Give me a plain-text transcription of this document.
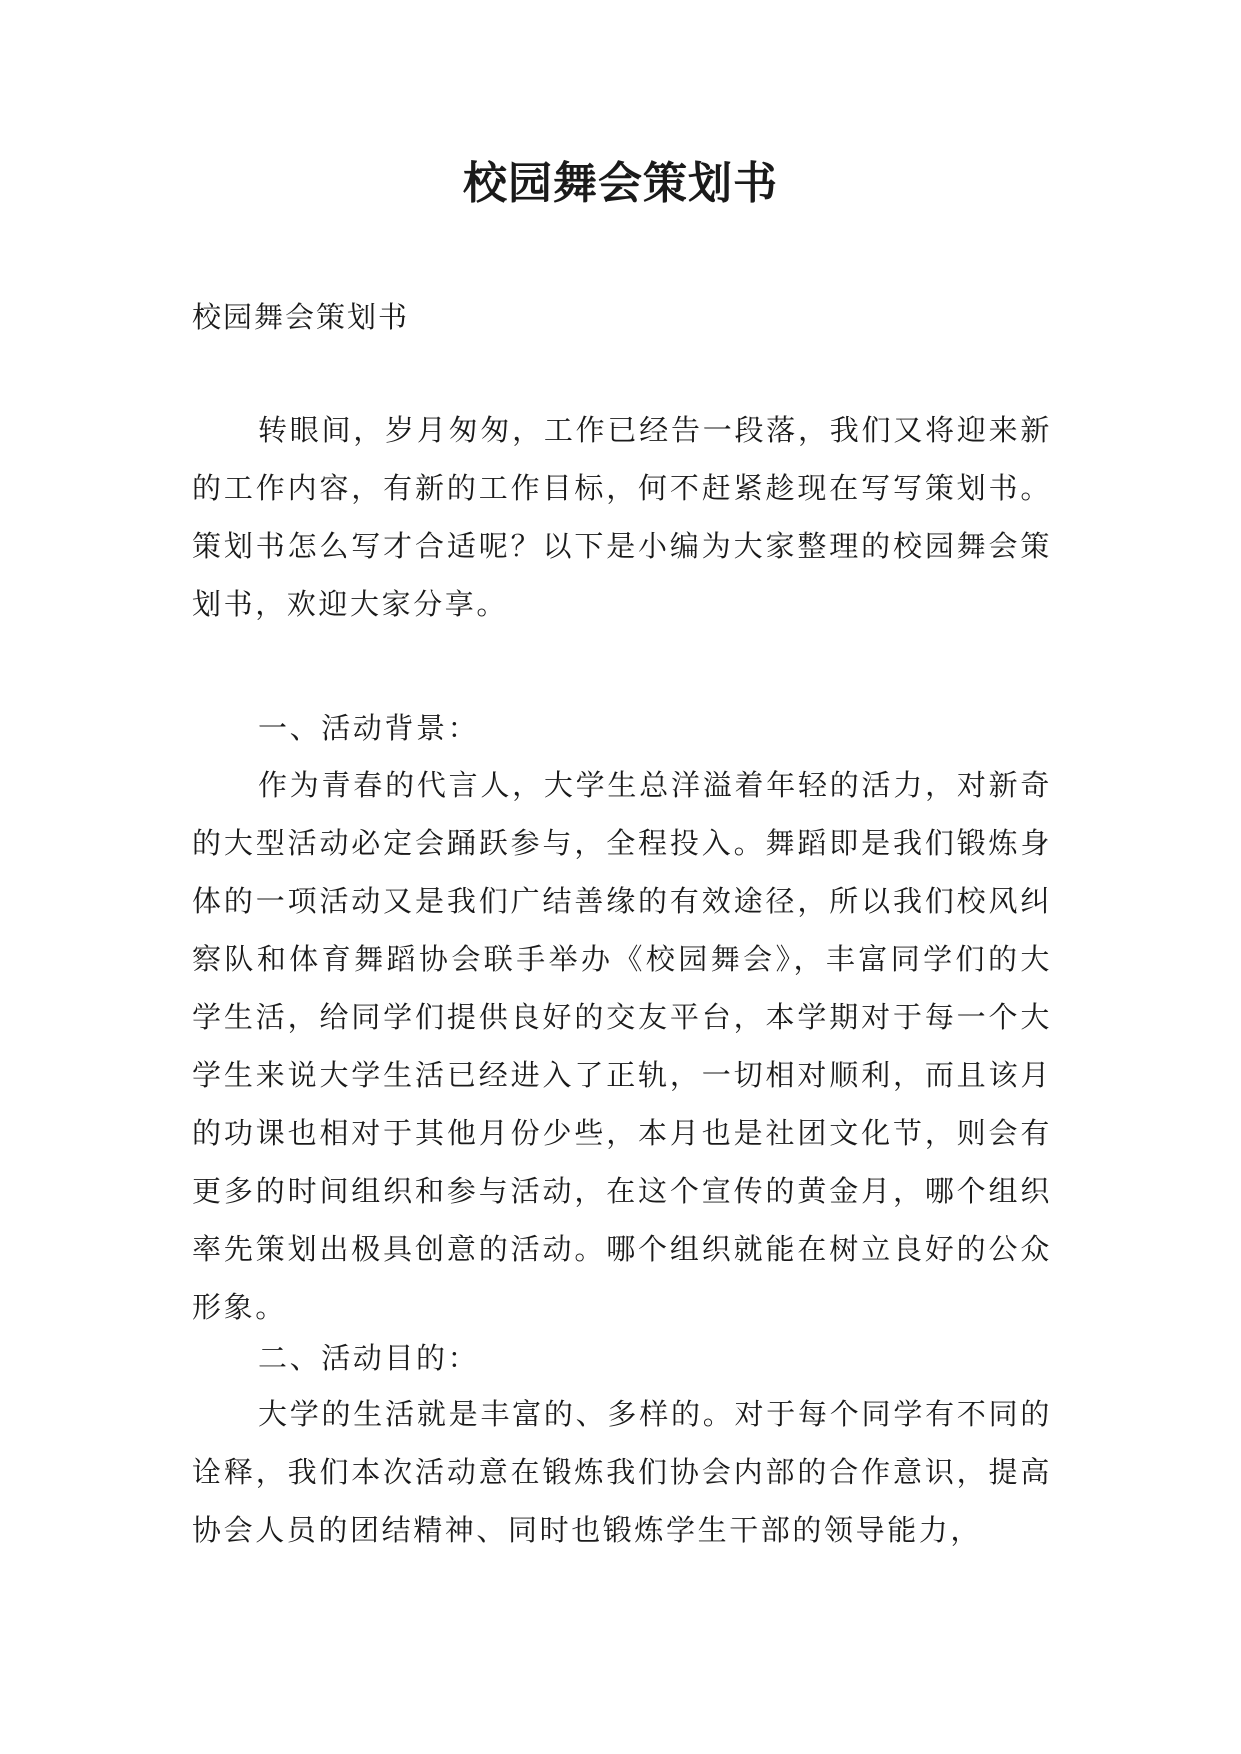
校园舞会策划书

校园舞会策划书

转眼间，岁月匆匆，工作已经告一段落，我们又将迎来新的工作内容，有新的工作目标，何不赶紧趁现在写写策划书。策划书怎么写才合适呢？以下是小编为大家整理的校园舞会策划书，欢迎大家分享。

一、活动背景：

作为青春的代言人，大学生总洋溢着年轻的活力，对新奇的大型活动必定会踊跃参与，全程投入。舞蹈即是我们锻炼身体的一项活动又是我们广结善缘的有效途径，所以我们校风纠察队和体育舞蹈协会联手举办《校园舞会》，丰富同学们的大学生活，给同学们提供良好的交友平台，本学期对于每一个大学生来说大学生活已经进入了正轨，一切相对顺利，而且该月的功课也相对于其他月份少些，本月也是社团文化节，则会有更多的时间组织和参与活动，在这个宣传的黄金月，哪个组织率先策划出极具创意的活动。哪个组织就能在树立良好的公众形象。

二、活动目的：

大学的生活就是丰富的、多样的。对于每个同学有不同的诠释，我们本次活动意在锻炼我们协会内部的合作意识，提高协会人员的团结精神、同时也锻炼学生干部的领导能力，
